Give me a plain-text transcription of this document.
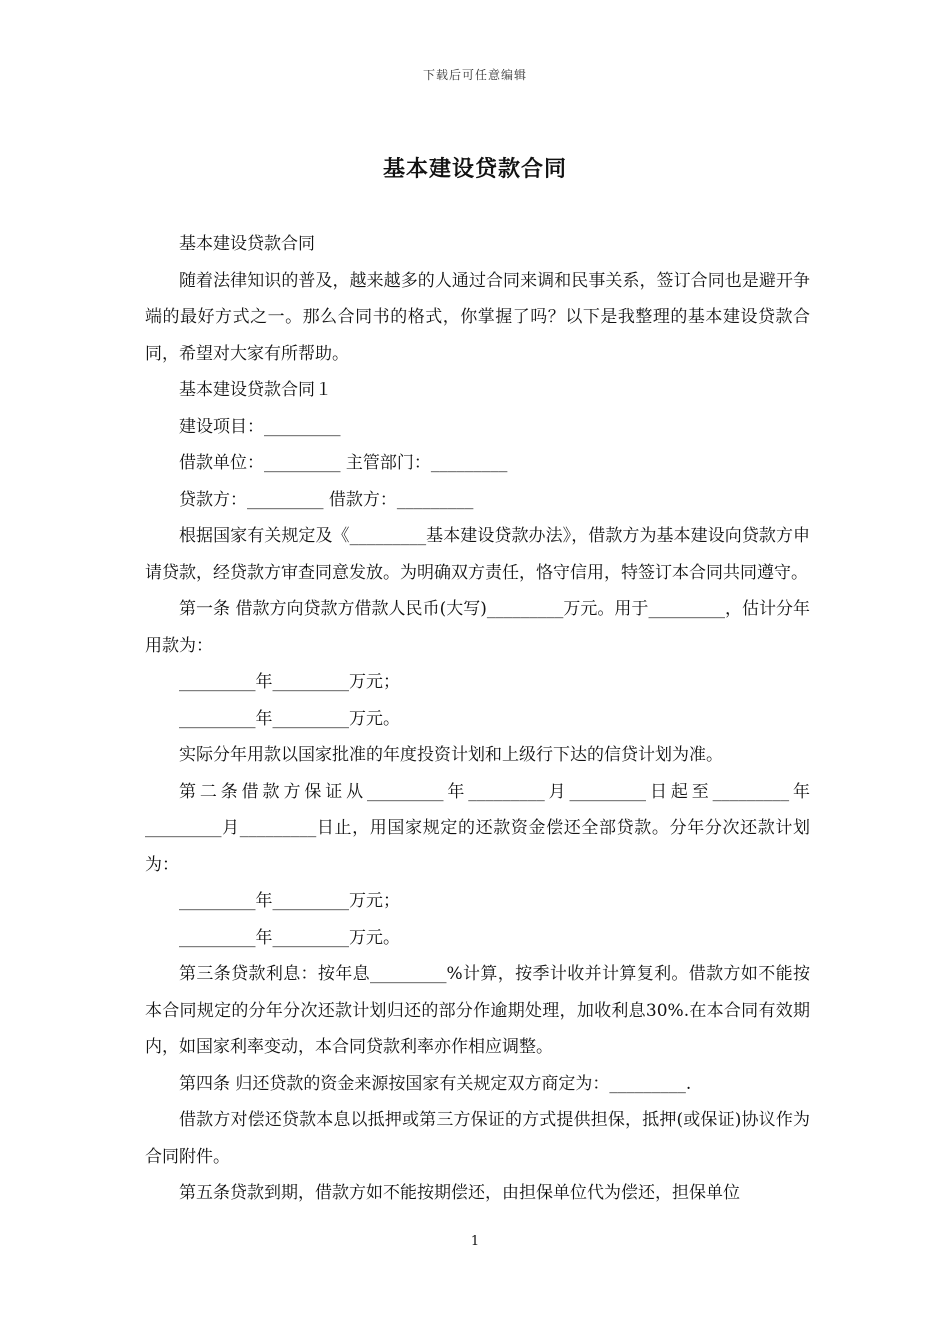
下载后可任意编辑
基本建设贷款合同

基本建设贷款合同

随着法律知识的普及，越来越多的人通过合同来调和民事关系，签订合同也是避开争端的最好方式之一。那么合同书的格式，你掌握了吗？以下是我整理的基本建设贷款合同，希望对大家有所帮助。

基本建设贷款合同１

建设项目：_________

借款单位：_________ 主管部门：_________

贷款方：_________ 借款方：_________

根据国家有关规定及《_________基本建设贷款办法》，借款方为基本建设向贷款方申请贷款，经贷款方审查同意发放。为明确双方责任，恪守信用，特签订本合同共同遵守。

第一条 借款方向贷款方借款人民币(大写)_________万元。用于_________，估计分年用款为：

_________年_________万元；

_________年_________万元。

实际分年用款以国家批准的年度投资计划和上级行下达的信贷计划为准。

第二条借款方保证从_________年_________月_________日起至_________年_________月_________日止，用国家规定的还款资金偿还全部贷款。分年分次还款计划为：

_________年_________万元；

_________年_________万元。

第三条贷款利息：按年息_________%计算，按季计收并计算复利。借款方如不能按本合同规定的分年分次还款计划归还的部分作逾期处理，加收利息30%.在本合同有效期内，如国家利率变动，本合同贷款利率亦作相应调整。

第四条 归还贷款的资金来源按国家有关规定双方商定为：_________.

借款方对偿还贷款本息以抵押或第三方保证的方式提供担保，抵押(或保证)协议作为合同附件。

第五条贷款到期，借款方如不能按期偿还，由担保单位代为偿还，担保单位

1
